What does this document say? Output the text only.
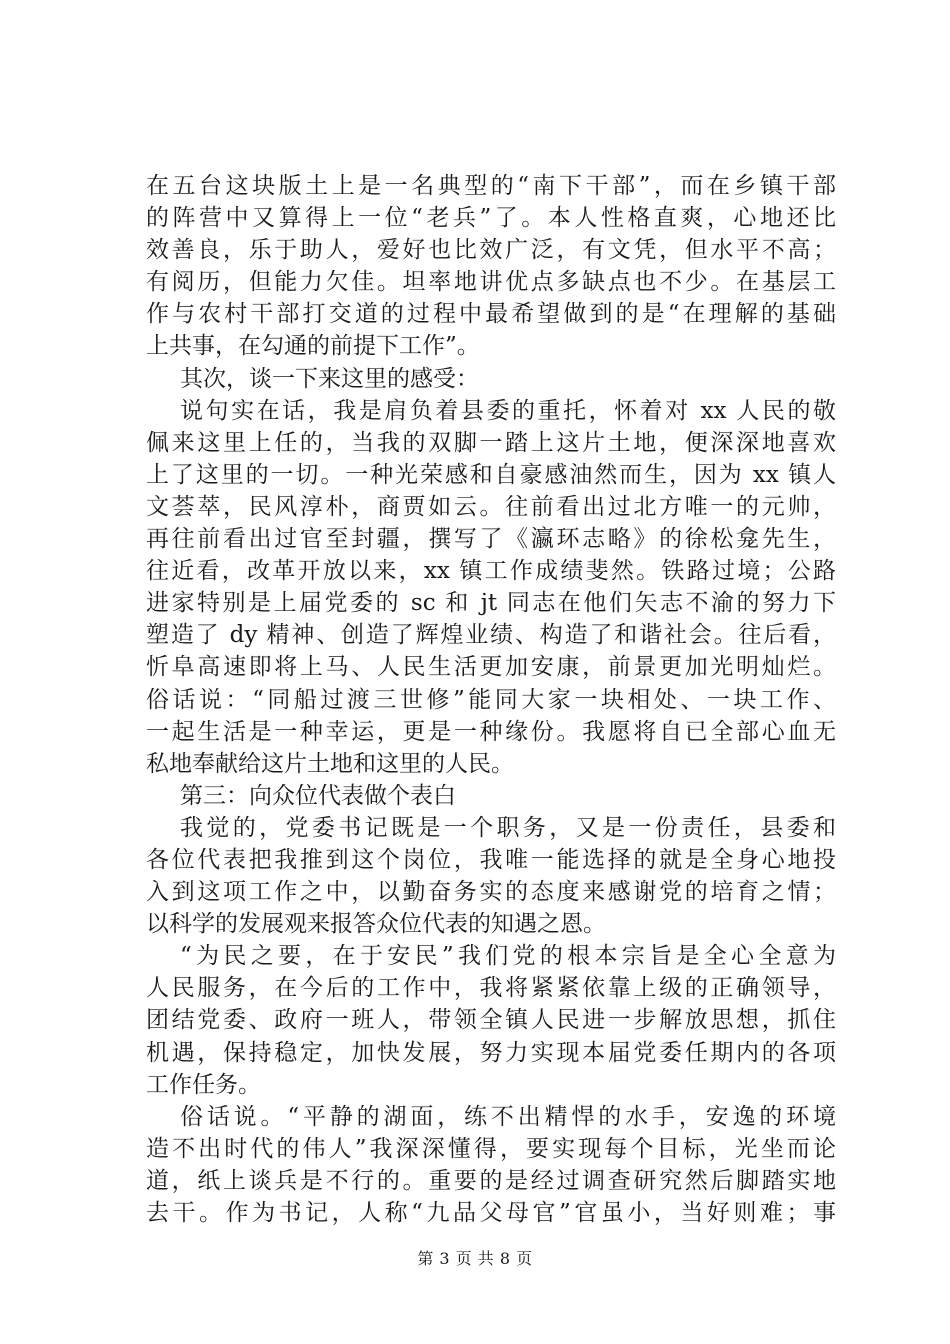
在五台这块版土上是一名典型的“南下干部”，而在乡镇干部
的阵营中又算得上一位“老兵”了。本人性格直爽，心地还比
效善良，乐于助人，爱好也比效广泛，有文凭，但水平不高；
有阅历，但能力欠佳。坦率地讲优点多缺点也不少。在基层工
作与农村干部打交道的过程中最希望做到的是“在理解的基础
上共事，在勾通的前提下工作”。
其次，谈一下来这里的感受：
说句实在话，我是肩负着县委的重托，怀着对 xx 人民的敬
佩来这里上任的，当我的双脚一踏上这片土地，便深深地喜欢
上了这里的一切。一种光荣感和自豪感油然而生，因为 xx 镇人
文荟萃，民风淳朴，商贾如云。往前看出过北方唯一的元帅，
再往前看出过官至封疆，撰写了《瀛环志略》的徐松龛先生，
往近看，改革开放以来，xx 镇工作成绩斐然。铁路过境；公路
进家特别是上届党委的 sc 和 jt 同志在他们矢志不渝的努力下
塑造了 dy 精神、创造了辉煌业绩、构造了和谐社会。往后看，
忻阜高速即将上马、人民生活更加安康，前景更加光明灿烂。
俗话说：“同船过渡三世修”能同大家一块相处、一块工作、
一起生活是一种幸运，更是一种缘份。我愿将自已全部心血无
私地奉献给这片土地和这里的人民。
第三：向众位代表做个表白
我觉的，党委书记既是一个职务，又是一份责任，县委和
各位代表把我推到这个岗位，我唯一能选择的就是全身心地投
入到这项工作之中，以勤奋务实的态度来感谢党的培育之情；
以科学的发展观来报答众位代表的知遇之恩。
“为民之要，在于安民”我们党的根本宗旨是全心全意为
人民服务，在今后的工作中，我将紧紧依靠上级的正确领导，
团结党委、政府一班人，带领全镇人民进一步解放思想，抓住
机遇，保持稳定，加快发展，努力实现本届党委任期内的各项
工作任务。
俗话说。“平静的湖面，练不出精悍的水手，安逸的环境
造不出时代的伟人”我深深懂得，要实现每个目标，光坐而论
道，纸上谈兵是不行的。重要的是经过调查研究然后脚踏实地
去干。作为书记，人称“九品父母官”官虽小，当好则难；事
第 3 页 共 8 页
